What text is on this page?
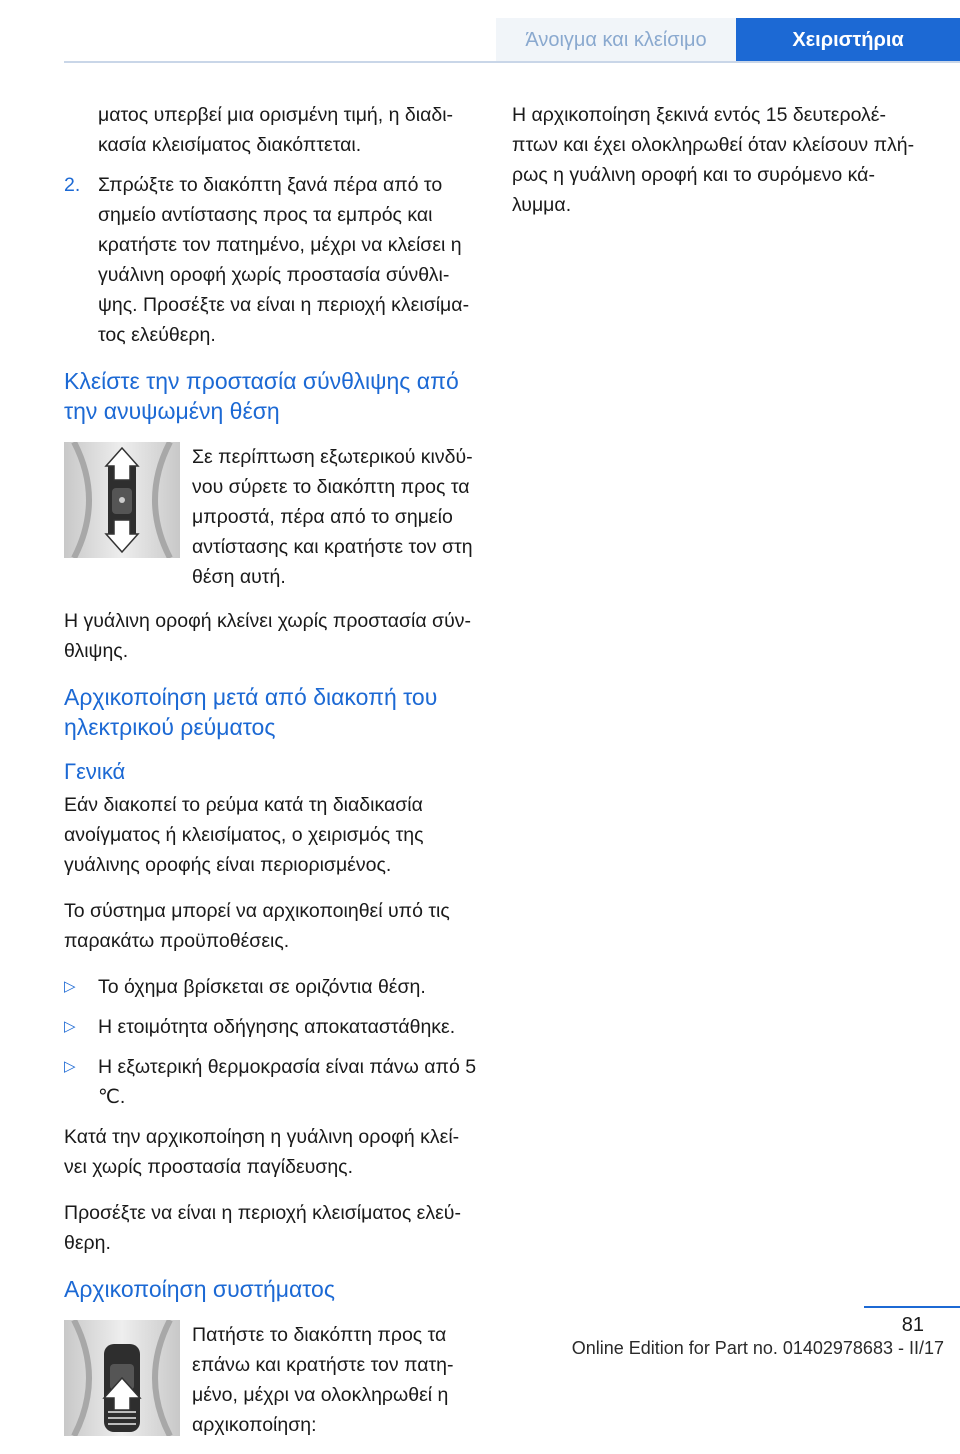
Άνοιγμα και κλείσιμο	Χειριστήρια

ματος υπερβεί μια ορισμένη τιμή, η διαδι-κασία κλεισίματος διακόπτεται.

2. Σπρώξτε το διακόπτη ξανά πέρα από το σημείο αντίστασης προς τα εμπρός και κρατήστε τον πατημένο, μέχρι να κλείσει η γυάλινη οροφή χωρίς προστασία σύνθλι-ψης. Προσέξτε να είναι η περιοχή κλεισίμα-τος ελεύθερη.
Κλείστε την προστασία σύνθλιψης από την ανυψωμένη θέση
Σε περίπτωση εξωτερικού κινδύ-νου σύρετε το διακόπτη προς τα μπροστά, πέρα από το σημείο αντίστασης και κρατήστε τον στη θέση αυτή.

Η γυάλινη οροφή κλείνει χωρίς προστασία σύν-θλιψης.

Αρχικοποίηση μετά από διακοπή του ηλεκτρικού ρεύματος
Γενικά

Εάν διακοπεί το ρεύμα κατά τη διαδικασία ανοίγματος ή κλεισίματος, ο χειρισμός της γυάλινης οροφής είναι περιορισμένος.

Το σύστημα μπορεί να αρχικοποιηθεί υπό τις παρακάτω προϋποθέσεις.

▷	Το όχημα βρίσκεται σε οριζόντια θέση.
▷	Η ετοιμότητα οδήγησης αποκαταστάθηκε.
▷	Η εξωτερική θερμοκρασία είναι πάνω από 5 ℃.

Κατά την αρχικοποίηση η γυάλινη οροφή κλεί-νει χωρίς προστασία παγίδευσης.

Προσέξτε να είναι η περιοχή κλεισίματος ελεύ-θερη.

Αρχικοποίηση συστήματος
Πατήστε το διακόπτη προς τα επάνω και κρατήστε τον πατη-μένο, μέχρι να ολοκληρωθεί η αρχικοποίηση:

Η αρχικοποίηση ξεκινά εντός 15 δευτερολέ-πτων και έχει ολοκληρωθεί όταν κλείσουν πλή-ρως η γυάλινη οροφή και το συρόμενο κά-λυμμα.

81
Online Edition for Part no. 01402978683 - II/17
